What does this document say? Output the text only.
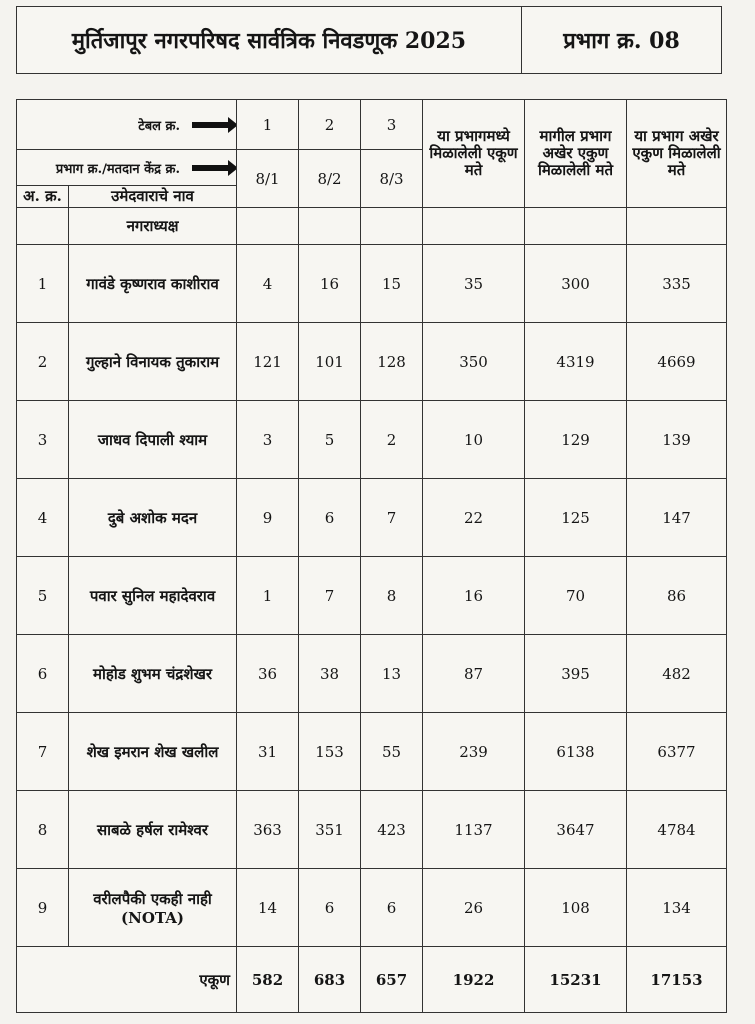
मुर्तिजापूर नगरपरिषद सार्वत्रिक निवडणूक 2025	प्रभाग क्र. 08
टेबल क्र.		1	2	3	या प्रभागमध्ये मिळालेली एकूण मते	मागील प्रभाग अखेर एकुण मिळालेली मते	या प्रभाग अखेर एकुण मिळालेली मते

प्रभाग क्र./मतदान केंद्र क्र.		8/1	8/2	8/3			
अ. क्र.	उमेदवाराचे नाव						
	नगराध्यक्ष						
1	गावंडे कृष्णराव काशीराव	4	16	15	35	300	335
2	गुल्हाने विनायक तुकाराम	121	101	128	350	4319	4669
3	जाधव दिपाली श्याम	3	5	2	10	129	139
4	दुबे अशोक मदन	9	6	7	22	125	147
5	पवार सुनिल महादेवराव	1	7	8	16	70	86
6	मोहोड शुभम चंद्रशेखर	36	38	13	87	395	482
7	शेख इमरान शेख खलील	31	153	55	239	6138	6377
8	साबळे हर्षल रामेश्वर	363	351	423	1137	3647	4784
9	वरीलपैकी एकही नाही (NOTA)	14	6	6	26	108	134
एकूण		582	683	657	1922	15231	17153
